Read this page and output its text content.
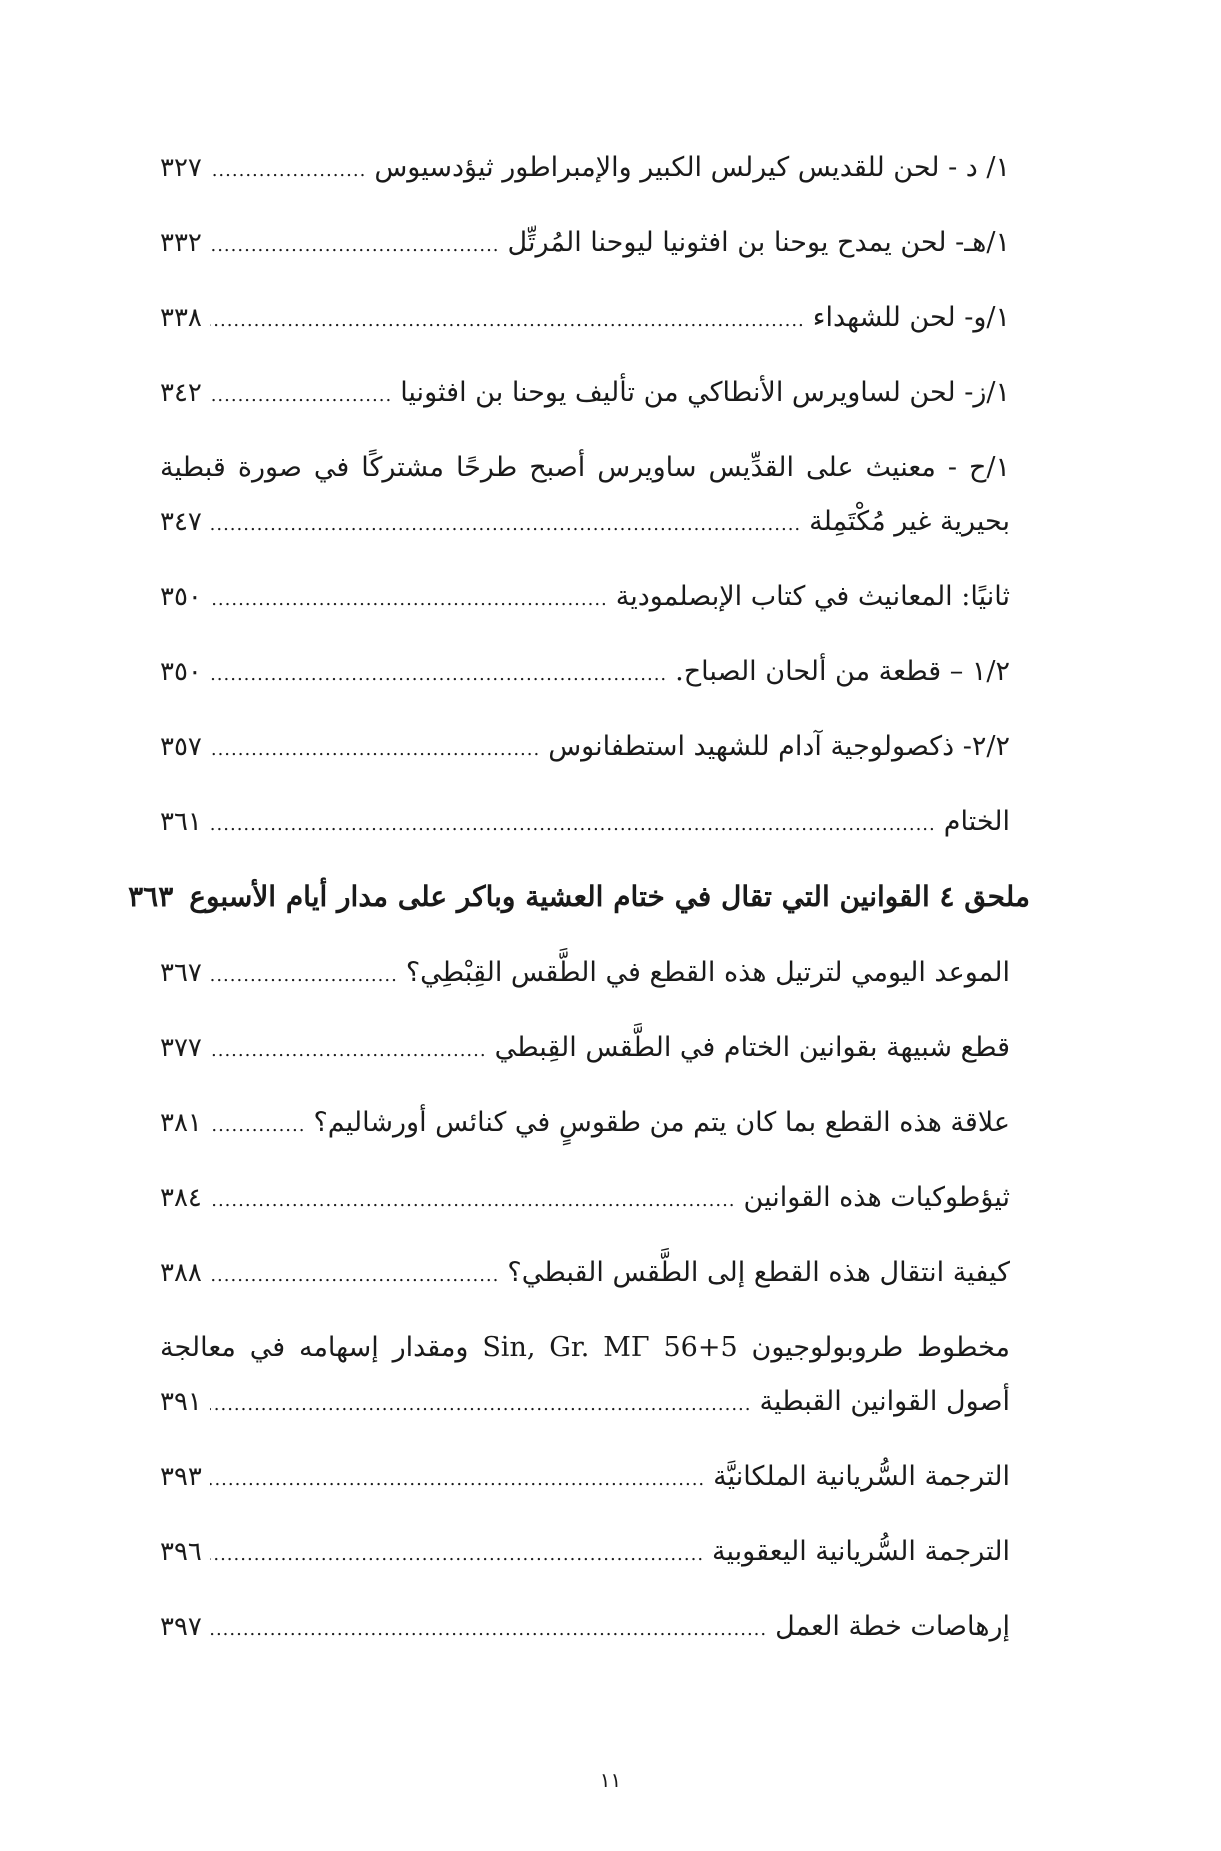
١/ د - لحن للقديس كيرلس الكبير والإمبراطور ثيؤدسيوس
.....
٣٢٧
١/هـ- لحن يمدح يوحنا بن افثونيا ليوحنا المُرتِّل
.....
٣٣٢
١/و- لحن للشهداء
.....
٣٣٨
١/ز- لحن لساويرس الأنطاكي من تأليف يوحنا بن افثونيا
.....
٣٤٢
١/ح - معنيث على القدِّيس ساويرس أصبح طرحًا مشتركًا في صورة قبطية
بحيرية غير مُكْتَمِلة
.....
٣٤٧
ثانيًا: المعانيث في كتاب الإبصلمودية
.....
٣٥٠
١/٢ – قطعة من ألحان الصباح.
.....
٣٥٠
٢/٢- ذكصولوجية آدام للشهيد استطفانوس
.....
٣٥٧
الختام
.....
٣٦١
ملحق ٤ القوانين التي تقال في ختام العشية وباكر على مدار أيام الأسبوع
٣٦٣
الموعد اليومي لترتيل هذه القطع في الطَّقس القِبْطِي؟
.....
٣٦٧
قطع شبيهة بقوانين الختام في الطَّقس القِبطي
.....
٣٧٧
علاقة هذه القطع بما كان يتم من طقوسٍ في كنائس أورشاليم؟
.....
٣٨١
ثيؤطوكيات هذه القوانين
.....
٣٨٤
كيفية انتقال هذه القطع إلى الطَّقس القبطي؟
.....
٣٨٨
مخطوط طروبولوجيون Sin, Gr. MΓ 56+5 ومقدار إسهامه في معالجة
أصول القوانين القبطية
.....
٣٩١
الترجمة السُّريانية الملكانيَّة
.....
٣٩٣
الترجمة السُّريانية اليعقوبية
.....
٣٩٦
إرهاصات خطة العمل
.....
٣٩٧
١١
